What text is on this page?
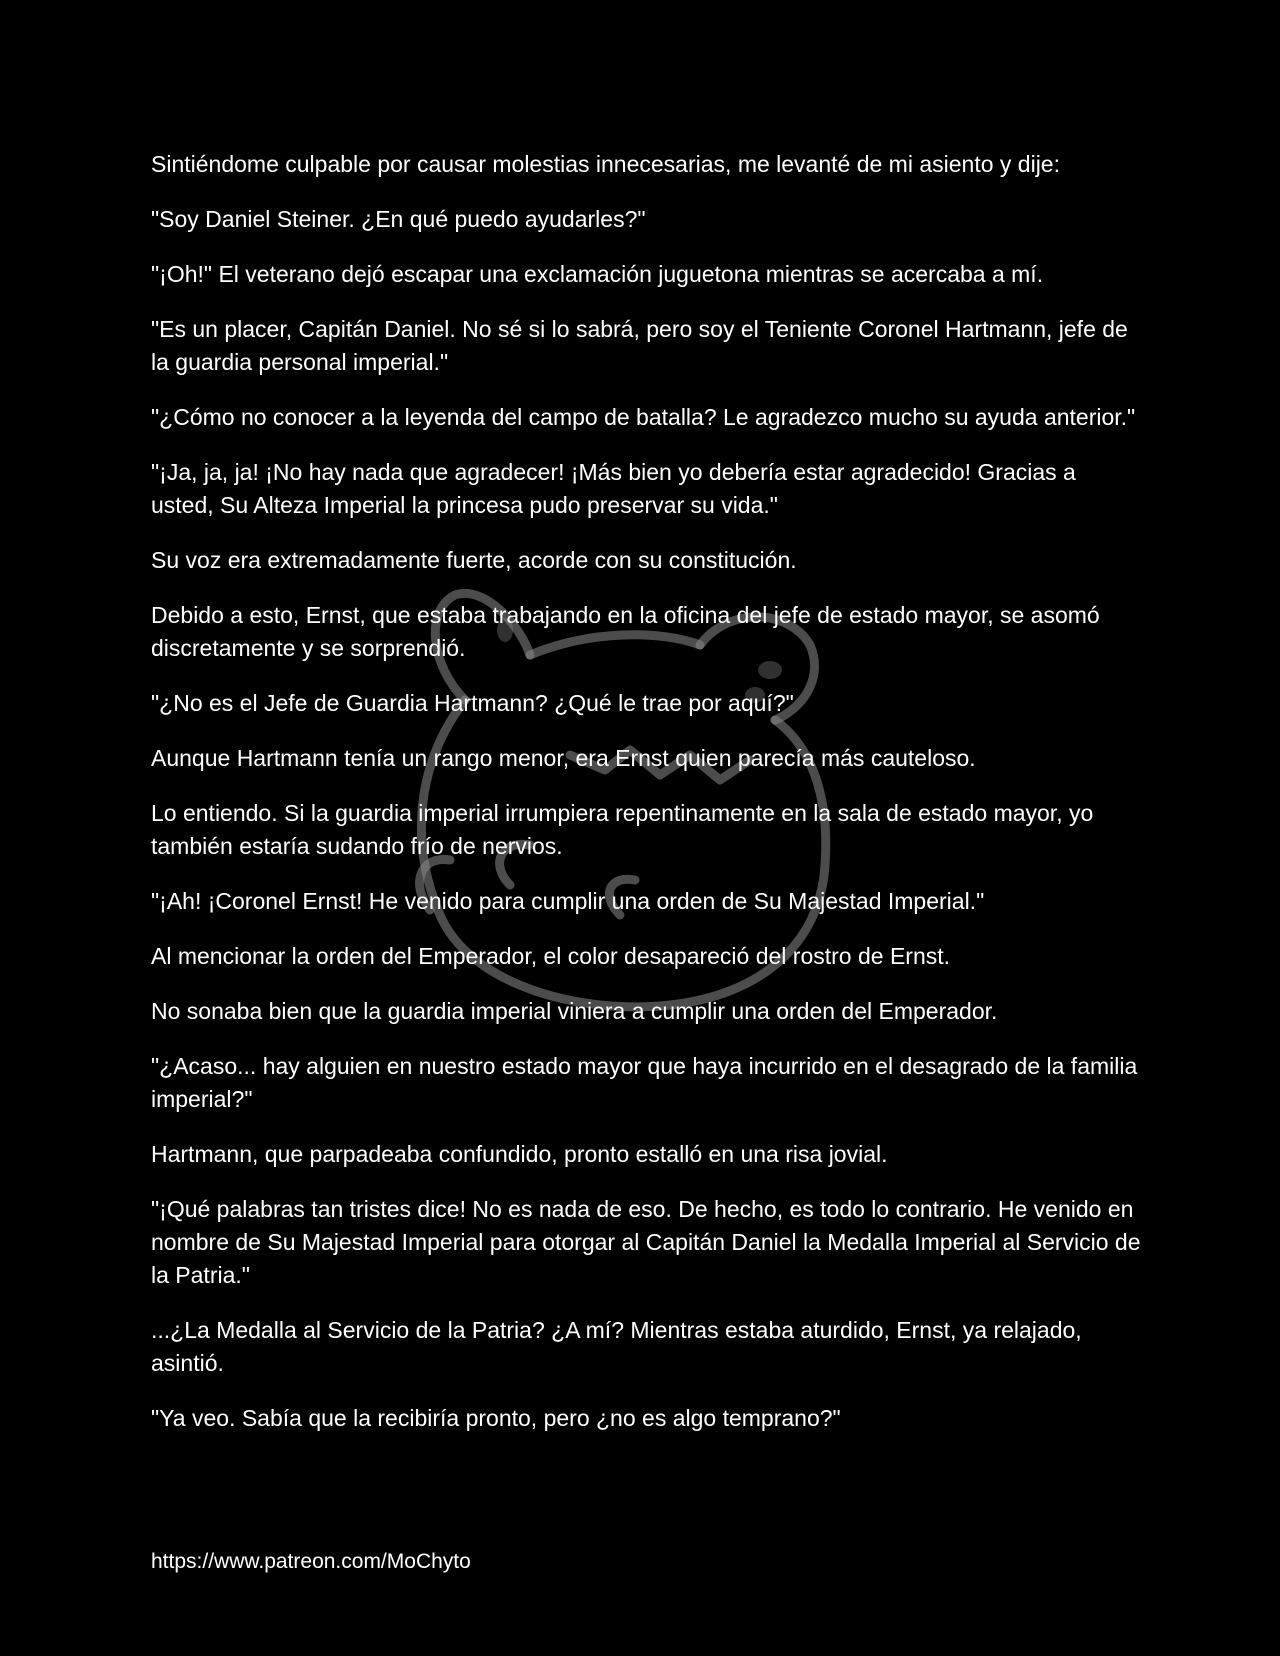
Sintiéndome culpable por causar molestias innecesarias, me levanté de mi asiento y dije:

"Soy Daniel Steiner. ¿En qué puedo ayudarles?"

"¡Oh!" El veterano dejó escapar una exclamación juguetona mientras se acercaba a mí.

"Es un placer, Capitán Daniel. No sé si lo sabrá, pero soy el Teniente Coronel Hartmann, jefe de la guardia personal imperial."

"¿Cómo no conocer a la leyenda del campo de batalla? Le agradezco mucho su ayuda anterior."

"¡Ja, ja, ja! ¡No hay nada que agradecer! ¡Más bien yo debería estar agradecido! Gracias a usted, Su Alteza Imperial la princesa pudo preservar su vida."

Su voz era extremadamente fuerte, acorde con su constitución.

Debido a esto, Ernst, que estaba trabajando en la oficina del jefe de estado mayor, se asomó discretamente y se sorprendió.

"¿No es el Jefe de Guardia Hartmann? ¿Qué le trae por aquí?"

Aunque Hartmann tenía un rango menor, era Ernst quien parecía más cauteloso.

Lo entiendo. Si la guardia imperial irrumpiera repentinamente en la sala de estado mayor, yo también estaría sudando frío de nervios.

"¡Ah! ¡Coronel Ernst! He venido para cumplir una orden de Su Majestad Imperial."

Al mencionar la orden del Emperador, el color desapareció del rostro de Ernst.

No sonaba bien que la guardia imperial viniera a cumplir una orden del Emperador.

"¿Acaso... hay alguien en nuestro estado mayor que haya incurrido en el desagrado de la familia imperial?"

Hartmann, que parpadeaba confundido, pronto estalló en una risa jovial.

"¡Qué palabras tan tristes dice! No es nada de eso. De hecho, es todo lo contrario. He venido en nombre de Su Majestad Imperial para otorgar al Capitán Daniel la Medalla Imperial al Servicio de la Patria."

...¿La Medalla al Servicio de la Patria? ¿A mí? Mientras estaba aturdido, Ernst, ya relajado, asintió.

"Ya veo. Sabía que la recibiría pronto, pero ¿no es algo temprano?"

https://www.patreon.com/MoChyto
